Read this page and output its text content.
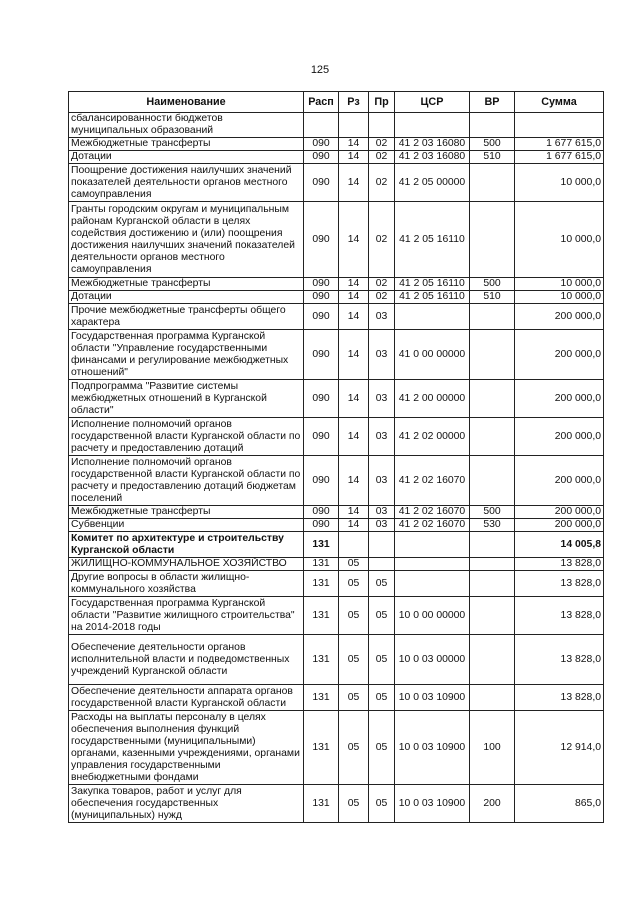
125
Наименование	Расп	Рз	Пр	ЦСР	ВР	Сумма
сбалансированности бюджетов муниципальных образований						
Межбюджетные трансферты	090	14	02	41 2 03 16080	500	1 677 615,0
Дотации	090	14	02	41 2 03 16080	510	1 677 615,0
Поощрение достижения наилучших значений показателей деятельности органов местного самоуправления	090	14	02	41 2 05 00000		10 000,0
Гранты городским округам и муниципальным районам Курганской области в целях содействия достижению и (или) поощрения достижения наилучших значений показателей деятельности органов местного самоуправления	090	14	02	41 2 05 16110		10 000,0
Межбюджетные трансферты	090	14	02	41 2 05 16110	500	10 000,0
Дотации	090	14	02	41 2 05 16110	510	10 000,0
Прочие межбюджетные трансферты общего характера	090	14	03			200 000,0
Государственная программа Курганской области "Управление государственными финансами и регулирование межбюджетных отношений"	090	14	03	41 0 00 00000		200 000,0
Подпрограмма "Развитие системы межбюджетных отношений в Курганской области"	090	14	03	41 2 00 00000		200 000,0
Исполнение полномочий органов государственной власти Курганской области по расчету и предоставлению дотаций	090	14	03	41 2 02 00000		200 000,0
Исполнение полномочий органов государственной власти Курганской области по расчету и предоставлению дотаций бюджетам поселений	090	14	03	41 2 02 16070		200 000,0
Межбюджетные трансферты	090	14	03	41 2 02 16070	500	200 000,0
Субвенции	090	14	03	41 2 02 16070	530	200 000,0
Комитет по архитектуре и строительству Курганской области	131					14 005,8
ЖИЛИЩНО-КОММУНАЛЬНОЕ ХОЗЯЙСТВО	131	05				13 828,0
Другие вопросы в области жилищно-коммунального хозяйства	131	05	05			13 828,0
Государственная программа Курганской области "Развитие жилищного строительства" на 2014-2018 годы	131	05	05	10 0 00 00000		13 828,0
Обеспечение деятельности органов исполнительной власти и подведомственных учреждений Курганской области	131	05	05	10 0 03 00000		13 828,0
Обеспечение деятельности аппарата органов государственной власти Курганской области	131	05	05	10 0 03 10900		13 828,0
Расходы на выплаты персоналу в целях обеспечения выполнения функций государственными (муниципальными) органами, казенными учреждениями, органами управления государственными внебюджетными фондами	131	05	05	10 0 03 10900	100	12 914,0
Закупка товаров, работ и услуг для обеспечения государственных (муниципальных) нужд	131	05	05	10 0 03 10900	200	865,0
